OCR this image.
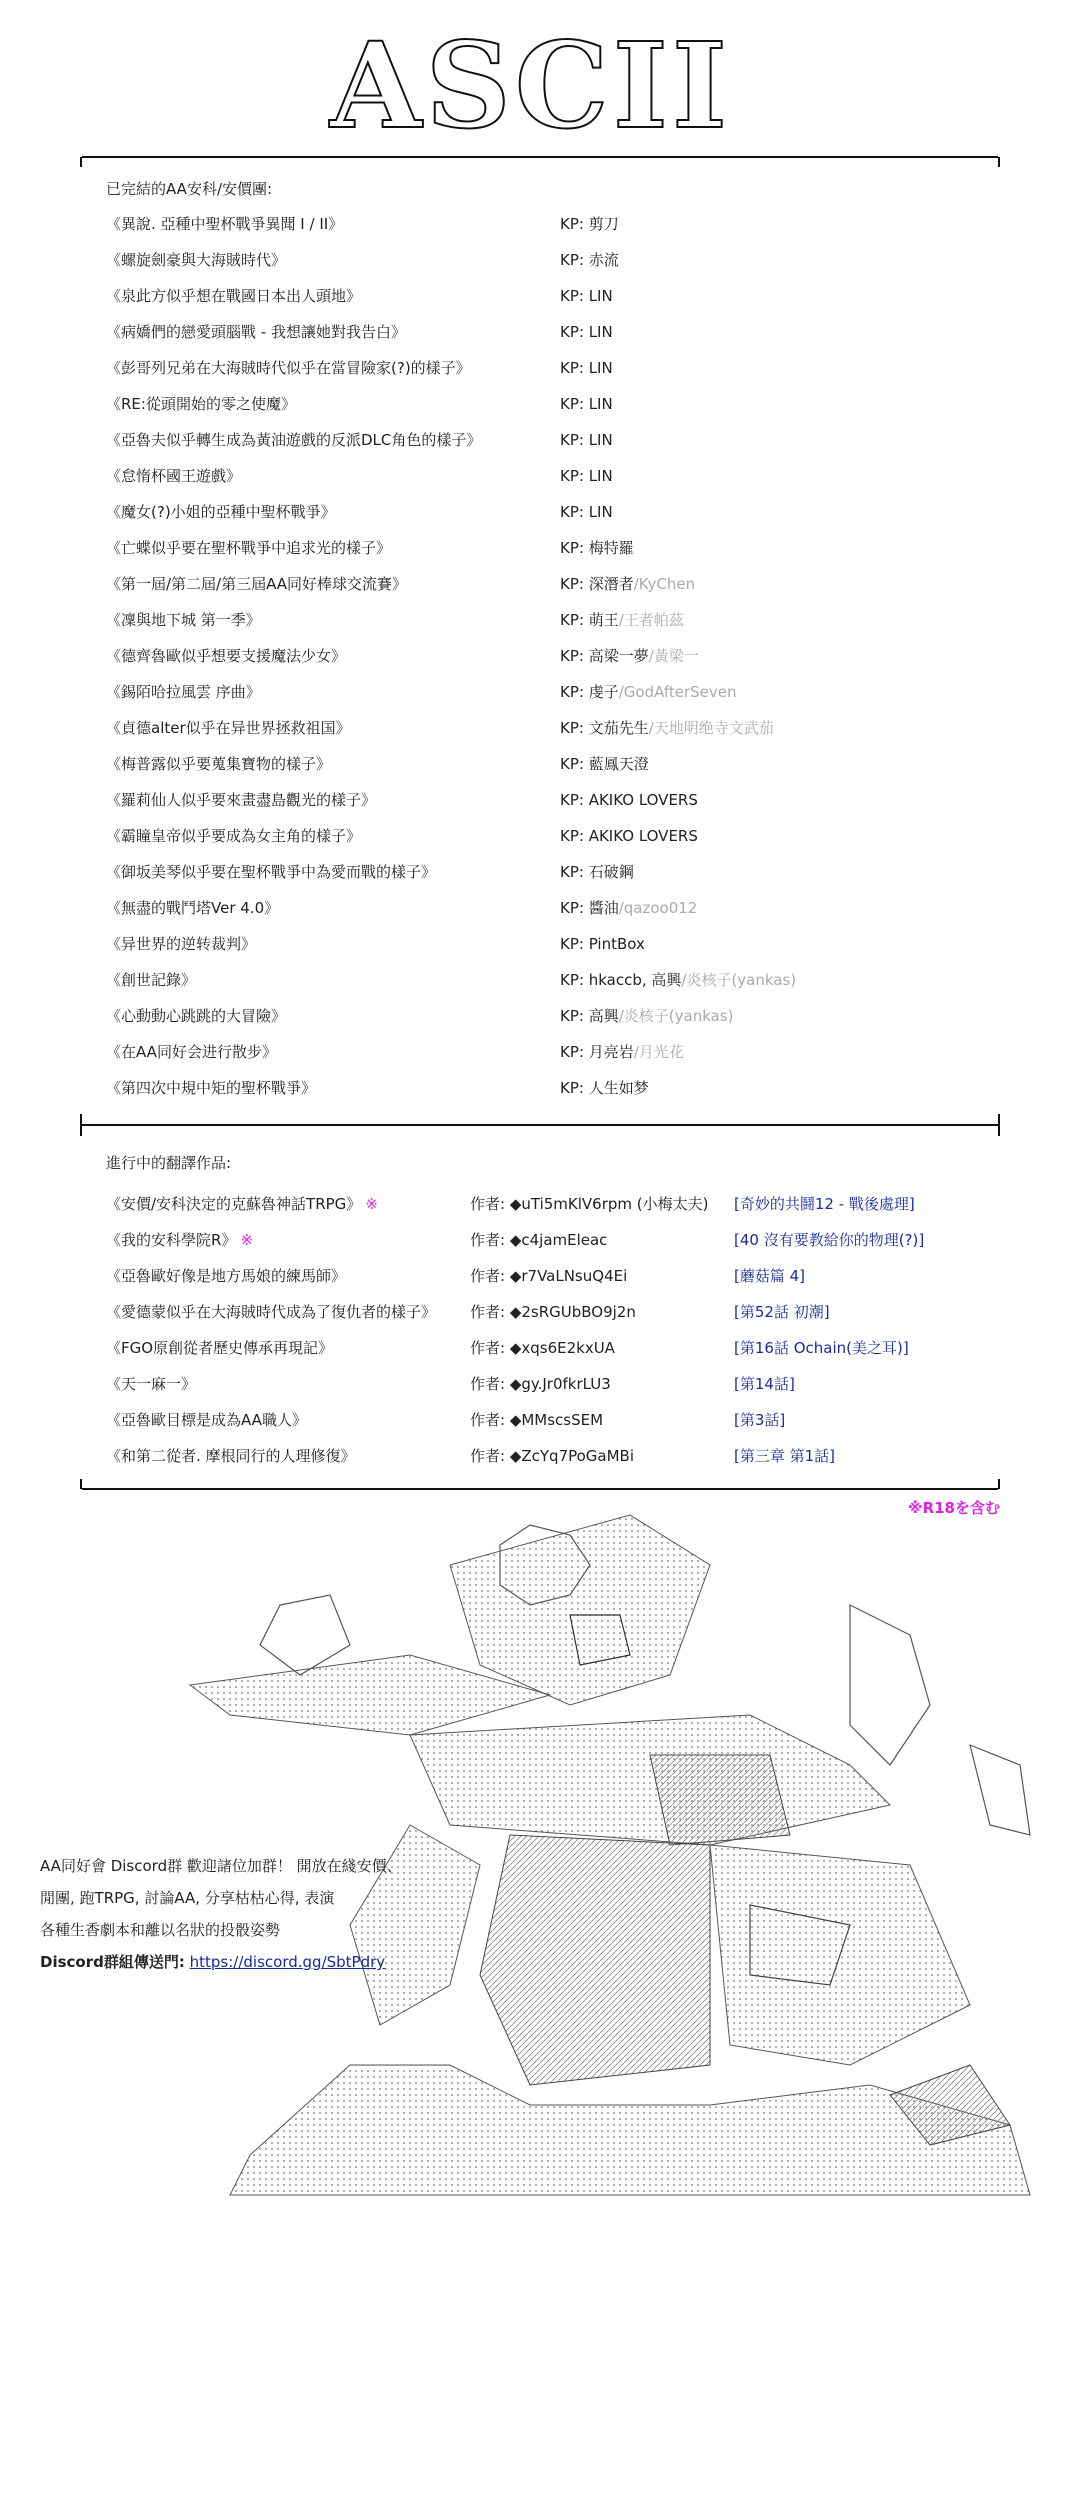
A S C I I
已完結的AA安科/安價團:
《異說. 亞種中聖杯戰爭異聞 I / II》	KP: 剪刀
《螺旋劍豪與大海賊時代》	KP: 赤流
《泉此方似乎想在戰國日本出人頭地》	KP: LIN
《病嬌們的戀愛頭腦戰 - 我想讓她對我告白》	KP: LIN
《彭哥列兄弟在大海賊時代似乎在當冒險家(?)的樣子》	KP: LIN
《RE:從頭開始的零之使魔》	KP: LIN
《亞魯夫似乎轉生成為黃油遊戲的反派DLC角色的樣子》	KP: LIN
《怠惰杯國王遊戲》	KP: LIN
《魔女(?)小姐的亞種中聖杯戰爭》	KP: LIN
《亡蝶似乎要在聖杯戰爭中追求光的樣子》	KP: 梅特羅
《第一屆/第二屆/第三屆AA同好棒球交流賽》	KP: 深潛者/KyChen
《凜與地下城 第一季》	KP: 萌王/王者帕茲
《德齊魯歐似乎想要支援魔法少女》	KP: 高梁一夢/黃梁一
《錫陌哈拉風雲 序曲》	KP: 虔子/GodAfterSeven
《貞德alter似乎在异世界拯救祖国》	KP: 文茄先生/天地明绝寺文武茄
《梅普露似乎要蒐集寶物的樣子》	KP: 藍鳳天澄
《羅莉仙人似乎要來畫盡島觀光的樣子》	KP: AKIKO LOVERS
《霸瞳皇帝似乎要成為女主角的樣子》	KP: AKIKO LOVERS
《御坂美琴似乎要在聖杯戰爭中為愛而戰的樣子》	KP: 石破鋼
《無盡的戰鬥塔Ver 4.0》	KP: 醬油/qazoo012
《异世界的逆转裁判》	KP: PintBox
《創世記錄》	KP: hkaccb, 高興/炎核子(yankas)
《心動動心跳跳的大冒險》	KP: 高興/炎核子(yankas)
《在AA同好会进行散步》	KP: 月亮岩/月光花
《第四次中規中矩的聖杯戰爭》	KP: 人生如梦
進行中的翻譯作品:
《安價/安科決定的克蘇魯神話TRPG》 ※	作者: ◆uTi5mKlV6rpm (小梅太夫) [奇妙的共鬪12 - 戰後處理]
《我的安科學院R》 ※	作者: ◆c4jamEleac	[40 沒有要教給你的物理(?)]
《亞魯歐好像是地方馬娘的練馬師》	作者: ◆r7VaLNsuQ4Ei	[蘑菇篇 4]
《愛德蒙似乎在大海賊時代成為了復仇者的樣子》 作者: ◆2sRGUbBO9j2n	[第52話 初潮]
《FGO原創從者歷史傳承再現記》	作者: ◆xqs6E2kxUA	[第16話 Ochain(美之耳)]
《天一麻一》	作者: ◆gy.Jr0fkrLU3	[第14話]
《亞魯歐目標是成為AA職人》	作者: ◆MMscsSEM	[第3話]
《和第二從者. 摩根同行的人理修復》	作者: ◆ZcYq7PoGaMBi	[第三章 第1話]
※R18を含む
AA同好會 Discord群 歡迎諸位加群！ 開放在綫安價、
閒團, 跑TRPG, 討論AA, 分享枯枯心得, 表演
各種生香劇本和離以名狀的投骰姿勢
Discord群組傳送門: https://discord.gg/SbtPdry
